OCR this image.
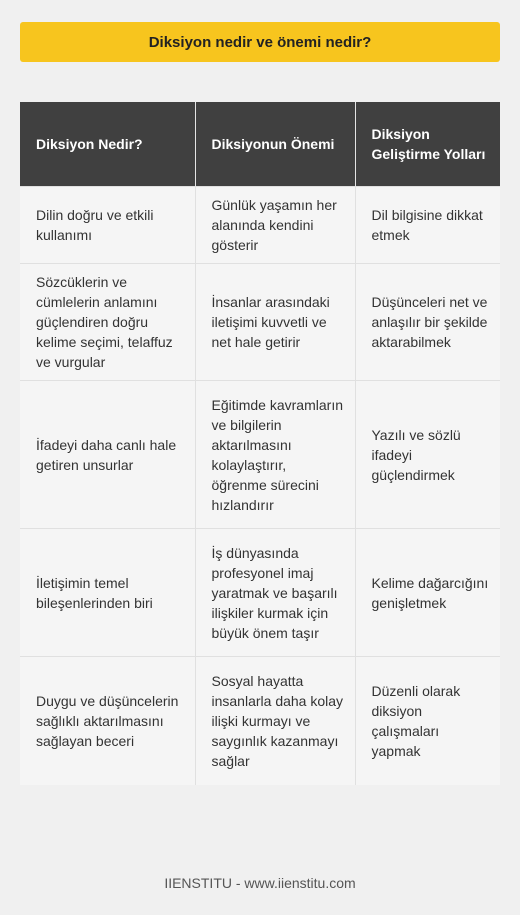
Diksiyon nedir ve önemi nedir?
Diksiyon Nedir?	Diksiyonun Önemi	Diksiyon Geliştirme Yolları
Dilin doğru ve etkili kullanımı	Günlük yaşamın her alanında kendini gösterir	Dil bilgisine dikkat etmek
Sözcüklerin ve cümlelerin anlamını güçlendiren doğru kelime seçimi, telaffuz ve vurgular	İnsanlar arasındaki iletişimi kuvvetli ve net hale getirir	Düşünceleri net ve anlaşılır bir şekilde aktarabilmek
İfadeyi daha canlı hale getiren unsurlar	Eğitimde kavramların ve bilgilerin aktarılmasını kolaylaştırır, öğrenme sürecini hızlandırır	Yazılı ve sözlü ifadeyi güçlendirmek
İletişimin temel bileşenlerinden biri	İş dünyasında profesyonel imaj yaratmak ve başarılı ilişkiler kurmak için büyük önem taşır	Kelime dağarcığını genişletmek
Duygu ve düşüncelerin sağlıklı aktarılmasını sağlayan beceri	Sosyal hayatta insanlarla daha kolay ilişki kurmayı ve saygınlık kazanmayı sağlar	Düzenli olarak diksiyon çalışmaları yapmak
IIENSTITU - www.iienstitu.com
